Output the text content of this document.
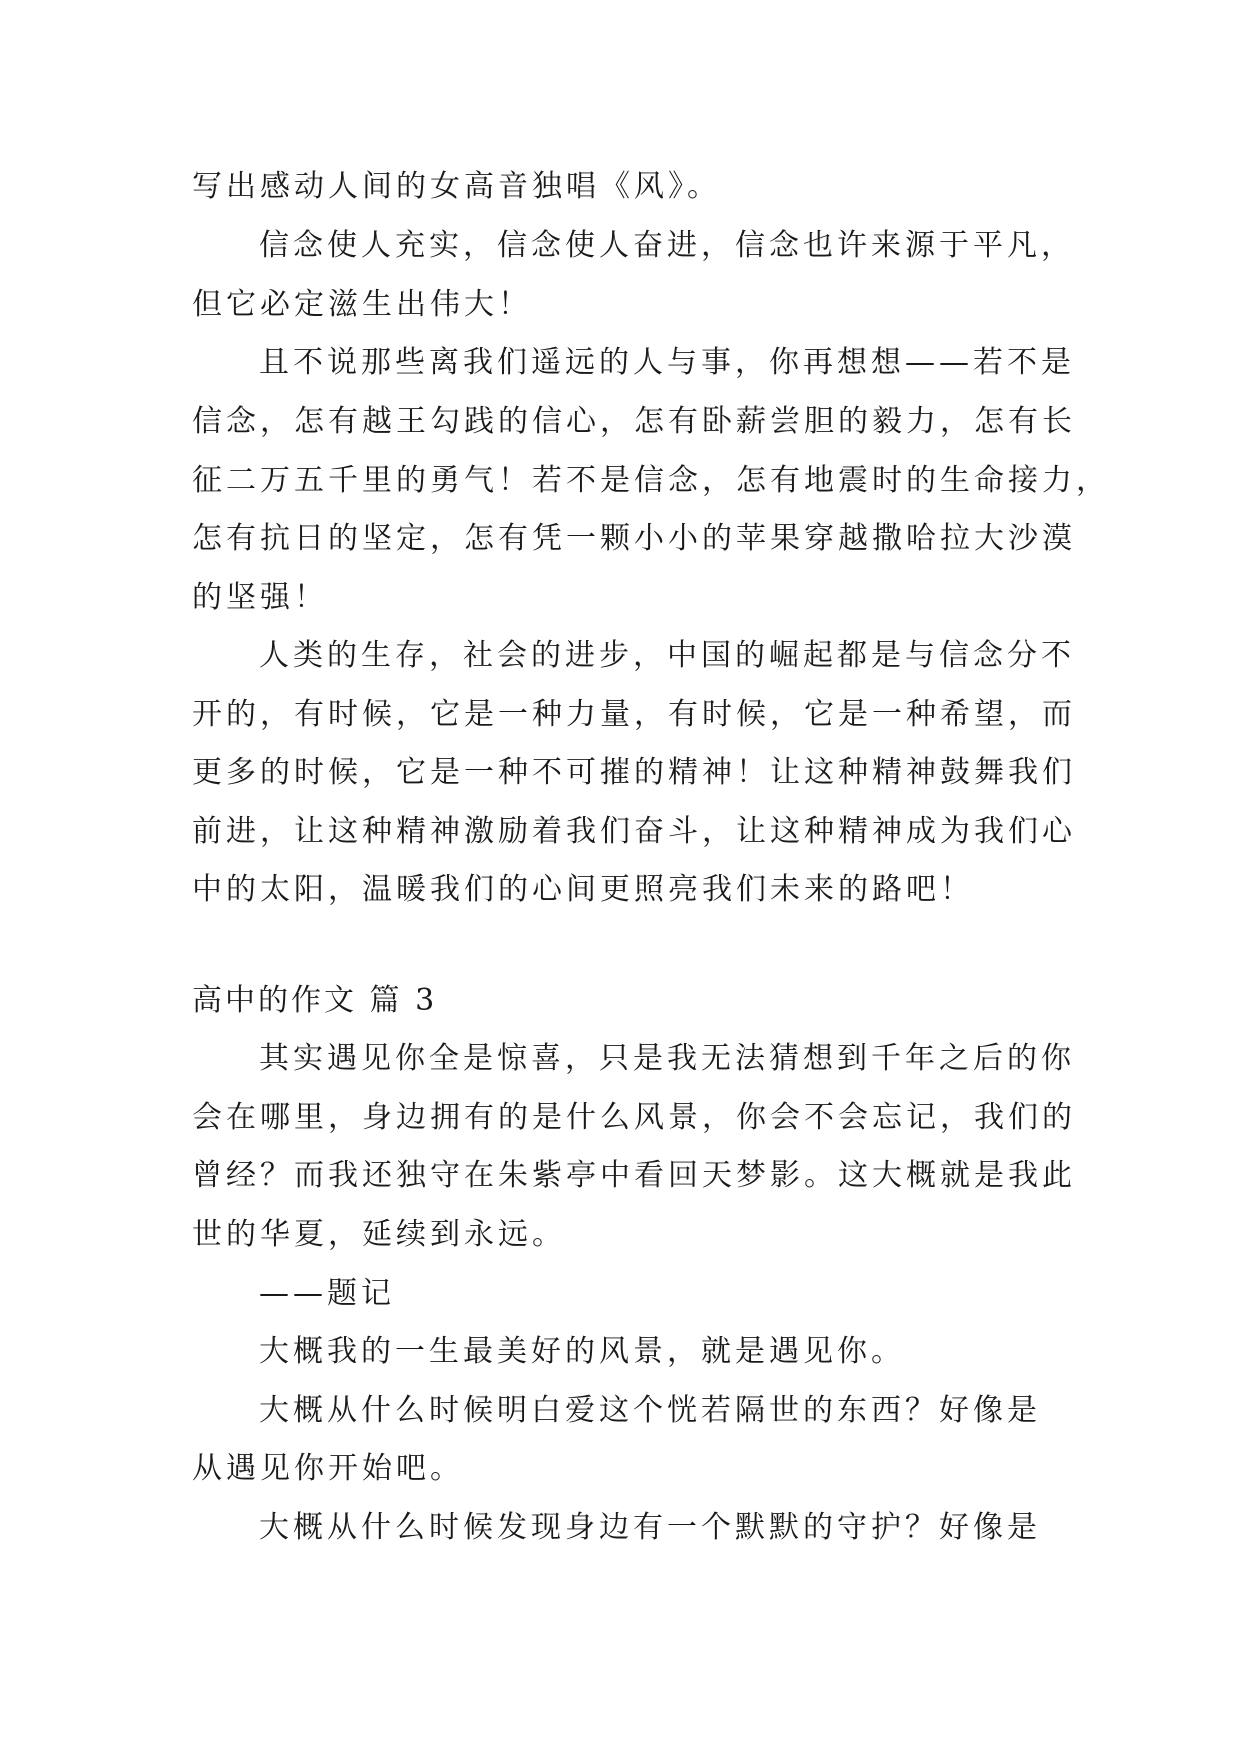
写出感动人间的女高音独唱《风》。

信念使人充实，信念使人奋进，信念也许来源于平凡，

但它必定滋生出伟大！

且不说那些离我们遥远的人与事，你再想想——若不是

信念，怎有越王勾践的信心，怎有卧薪尝胆的毅力，怎有长

征二万五千里的勇气！若不是信念，怎有地震时的生命接力，

怎有抗日的坚定，怎有凭一颗小小的苹果穿越撒哈拉大沙漠

的坚强！

人类的生存，社会的进步，中国的崛起都是与信念分不

开的，有时候，它是一种力量，有时候，它是一种希望，而

更多的时候，它是一种不可摧的精神！让这种精神鼓舞我们

前进，让这种精神激励着我们奋斗，让这种精神成为我们心

中的太阳，温暖我们的心间更照亮我们未来的路吧！

高中的作文 篇 3

其实遇见你全是惊喜，只是我无法猜想到千年之后的你

会在哪里，身边拥有的是什么风景，你会不会忘记，我们的

曾经？而我还独守在朱紫亭中看回天梦影。这大概就是我此

世的华夏，延续到永远。

——题记

大概我的一生最美好的风景，就是遇见你。

大概从什么时候明白爱这个恍若隔世的东西？好像是

从遇见你开始吧。

大概从什么时候发现身边有一个默默的守护？好像是
